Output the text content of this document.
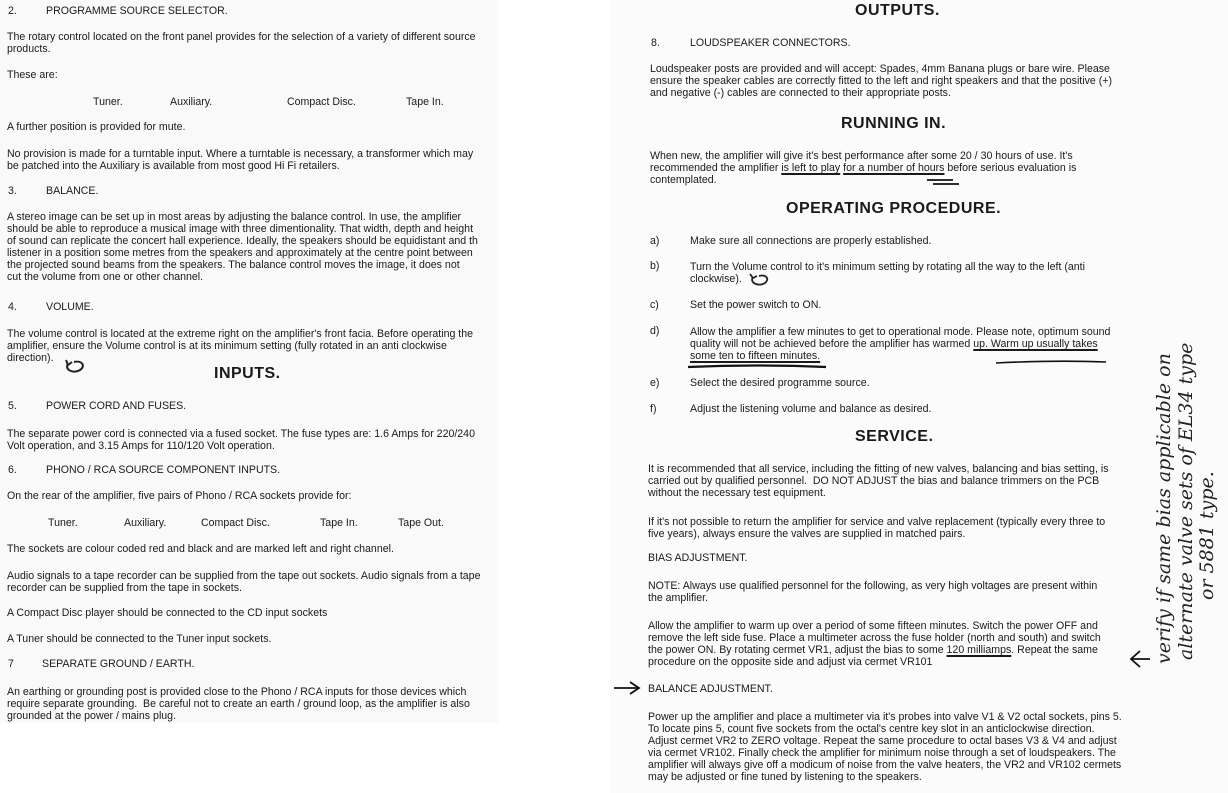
2.	PROGRAMME SOURCE SELECTOR.
The rotary control located on the front panel provides for the selection of a variety of different source
products.
These are:
Tuner.	Auxiliary.	Compact Disc.	Tape In.
A further position is provided for mute.
No provision is made for a turntable input. Where a turntable is necessary, a transformer which may
be patched into the Auxiliary is available from most good Hi Fi retailers.
3.	BALANCE.
A stereo image can be set up in most areas by adjusting the balance control. In use, the amplifier
should be able to reproduce a musical image with three dimentionality. That width, depth and height
of sound can replicate the concert hall experience. Ideally, the speakers should be equidistant and th
listener in a position some metres from the speakers and approximately at the centre point between
the projected sound beams from the speakers. The balance control moves the image, it does not
cut the volume from one or other channel.
4.	VOLUME.
The volume control is located at the extreme right on the amplifier's front facia. Before operating the
amplifier, ensure the Volume control is at its minimum setting (fully rotated in an anti clockwise
direction).
INPUTS.
5.	POWER CORD AND FUSES.
The separate power cord is connected via a fused socket. The fuse types are: 1.6 Amps for 220/240
Volt operation, and 3.15 Amps for 110/120 Volt operation.
6.	PHONO / RCA SOURCE COMPONENT INPUTS.
On the rear of the amplifier, five pairs of Phono / RCA sockets provide for:
Tuner.	Auxiliary.	Compact Disc.	Tape In.	Tape Out.
The sockets are colour coded red and black and are marked left and right channel.
Audio signals to a tape recorder can be supplied from the tape out sockets. Audio signals from a tape
recorder can be supplied from the tape in sockets.
A Compact Disc player should be connected to the CD input sockets
A Tuner should be connected to the Tuner input sockets.
7	SEPARATE GROUND / EARTH.
An earthing or grounding post is provided close to the Phono / RCA inputs for those devices which
require separate grounding.  Be careful not to create an earth / ground loop, as the amplifier is also
grounded at the power / mains plug.
OUTPUTS.
8.	LOUDSPEAKER CONNECTORS.
Loudspeaker posts are provided and will accept: Spades, 4mm Banana plugs or bare wire. Please
ensure the speaker cables are correctly fitted to the left and right speakers and that the positive (+)
and negative (-) cables are connected to their appropriate posts.
RUNNING IN.
When new, the amplifier will give it's best performance after some 20 / 30 hours of use. It's
recommended the amplifier is left to play for a number of hours before serious evaluation is
contemplated.
OPERATING PROCEDURE.
a)	Make sure all connections are properly established.
b)	Turn the Volume control to it's minimum setting by rotating all the way to the left (anti
clockwise).
c)	Set the power switch to ON.
d)	Allow the amplifier a few minutes to get to operational mode. Please note, optimum sound
quality will not be achieved before the amplifier has warmed up. Warm up usually takes
some ten to fifteen minutes.
e)	Select the desired programme source.
f)	Adjust the listening volume and balance as desired.
SERVICE.
It is recommended that all service, including the fitting of new valves, balancing and bias setting, is
carried out by qualified personnel.  DO NOT ADJUST the bias and balance trimmers on the PCB
without the necessary test equipment.
If it's not possible to return the amplifier for service and valve replacement (typically every three to
five years), always ensure the valves are supplied in matched pairs.
BIAS ADJUSTMENT.
NOTE: Always use qualified personnel for the following, as very high voltages are present within
the amplifier.
Allow the amplifier to warm up over a period of some fifteen minutes. Switch the power OFF and
remove the left side fuse. Place a multimeter across the fuse holder (north and south) and switch
the power ON. By rotating cermet VR1, adjust the bias to some 120 milliamps. Repeat the same
procedure on the opposite side and adjust via cermet VR101
BALANCE ADJUSTMENT.
Power up the amplifier and place a multimeter via it's probes into valve V1 & V2 octal sockets, pins 5.
To locate pins 5, count five sockets from the octal's centre key slot in an anticlockwise direction.
Adjust cermet VR2 to ZERO voltage. Repeat the same procedure to octal bases V3 & V4 and adjust
via cermet VR102. Finally check the amplifier for minimum noise through a set of loudspeakers. The
amplifier will always give off a modicum of noise from the valve heaters, the VR2 and VR102 cermets
may be adjusted or fine tuned by listening to the speakers.
verify if same bias applicable on alternate valve sets of EL34 type or 5881 type.
